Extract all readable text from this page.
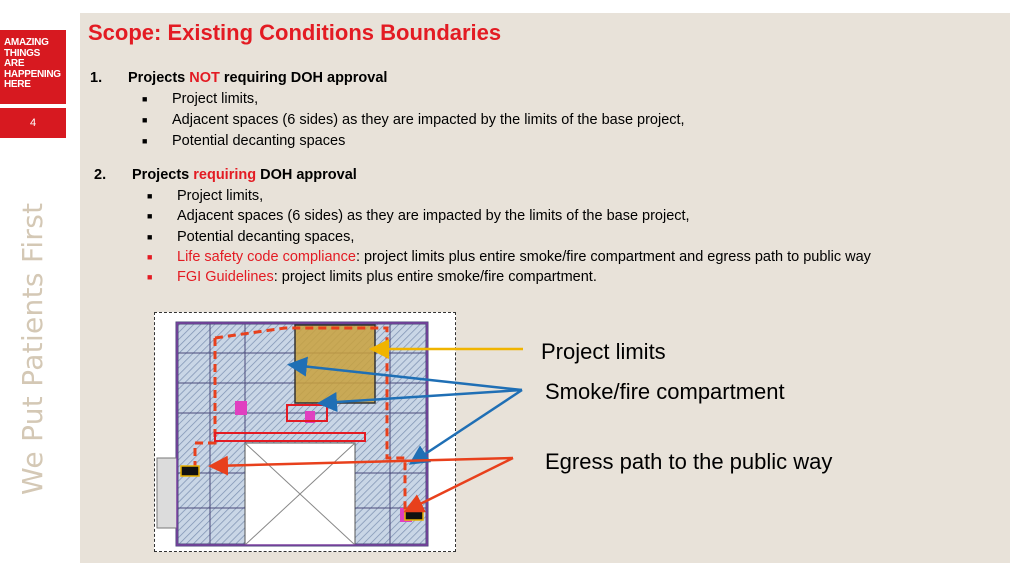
AMAZING
THINGS
ARE
HAPPENING
HERE
4
We Put Patients First
Scope: Existing Conditions Boundaries
1. Projects NOT requiring DOH approval
■ Project limits,
■ Adjacent spaces (6 sides) as they are impacted by the limits of the base project,
■ Potential decanting spaces
2. Projects requiring DOH approval
■ Project limits,
■ Adjacent spaces (6 sides) as they are impacted by the limits of the base project,
■ Potential decanting spaces,
■ Life safety code compliance: project limits plus entire smoke/fire compartment and egress path to public way
■ FGI Guidelines: project limits plus entire smoke/fire compartment.
Project limits
Smoke/fire compartment
Egress path to the public way
